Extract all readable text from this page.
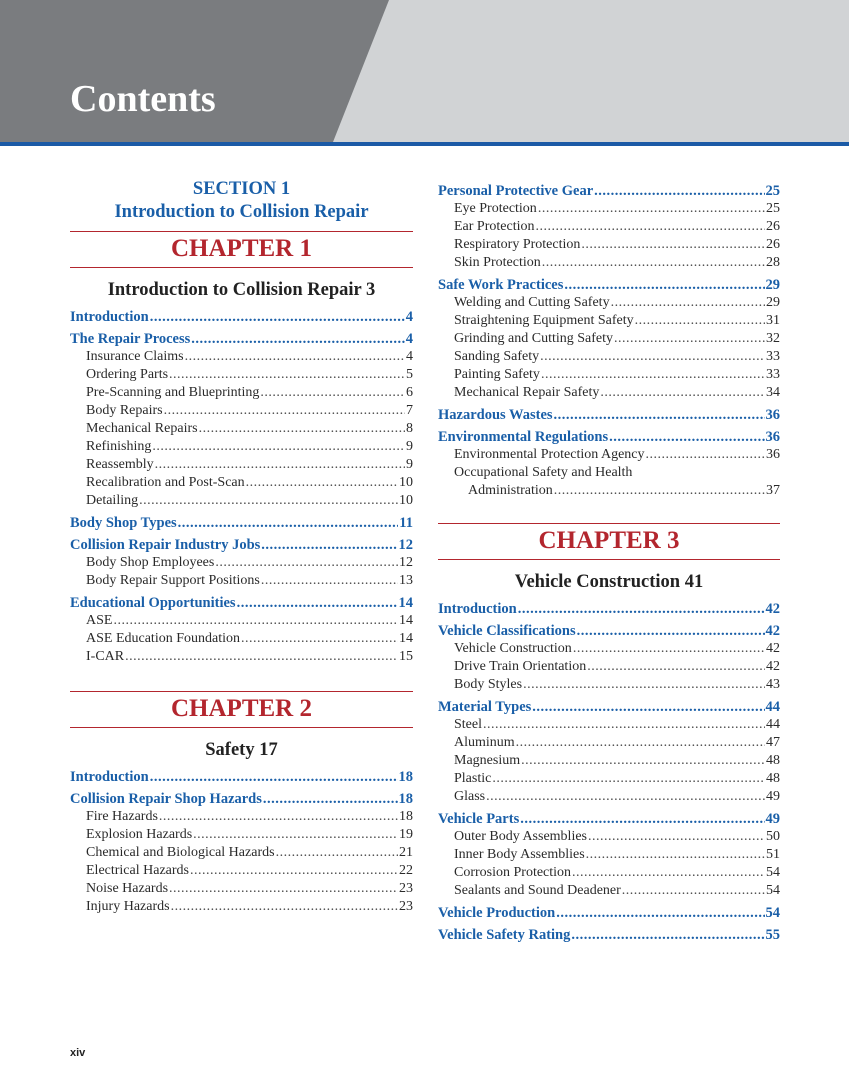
Contents
SECTION 1
Introduction to Collision Repair
CHAPTER 1
Introduction to Collision Repair 3
Introduction .....	4
The Repair Process .....	4
Insurance Claims .....	4
Ordering Parts .....	5
Pre-Scanning and Blueprinting .....	6
Body Repairs .....	7
Mechanical Repairs .....	8
Refinishing .....	9
Reassembly .....	9
Recalibration and Post-Scan .....	10
Detailing .....	10
Body Shop Types .....	11
Collision Repair Industry Jobs .....	12
Body Shop Employees .....	12
Body Repair Support Positions .....	13
Educational Opportunities .....	14
ASE .....	14
ASE Education Foundation .....	14
I-CAR .....	15
CHAPTER 2
Safety 17
Introduction .....	18
Collision Repair Shop Hazards .....	18
Fire Hazards .....	18
Explosion Hazards .....	19
Chemical and Biological Hazards .....	21
Electrical Hazards .....	22
Noise Hazards .....	23
Injury Hazards .....	23
Personal Protective Gear .....	25
Eye Protection .....	25
Ear Protection .....	26
Respiratory Protection .....	26
Skin Protection .....	28
Safe Work Practices .....	29
Welding and Cutting Safety .....	29
Straightening Equipment Safety .....	31
Grinding and Cutting Safety .....	32
Sanding Safety .....	33
Painting Safety .....	33
Mechanical Repair Safety .....	34
Hazardous Wastes .....	36
Environmental Regulations .....	36
Environmental Protection Agency .....	36
Occupational Safety and Health
Administration .....	37
CHAPTER 3
Vehicle Construction 41
Introduction .....	42
Vehicle Classifications .....	42
Vehicle Construction .....	42
Drive Train Orientation .....	42
Body Styles .....	43
Material Types .....	44
Steel .....	44
Aluminum .....	47
Magnesium .....	48
Plastic .....	48
Glass .....	49
Vehicle Parts .....	49
Outer Body Assemblies .....	50
Inner Body Assemblies .....	51
Corrosion Protection .....	54
Sealants and Sound Deadener .....	54
Vehicle Production .....	54
Vehicle Safety Rating .....	55
xiv
